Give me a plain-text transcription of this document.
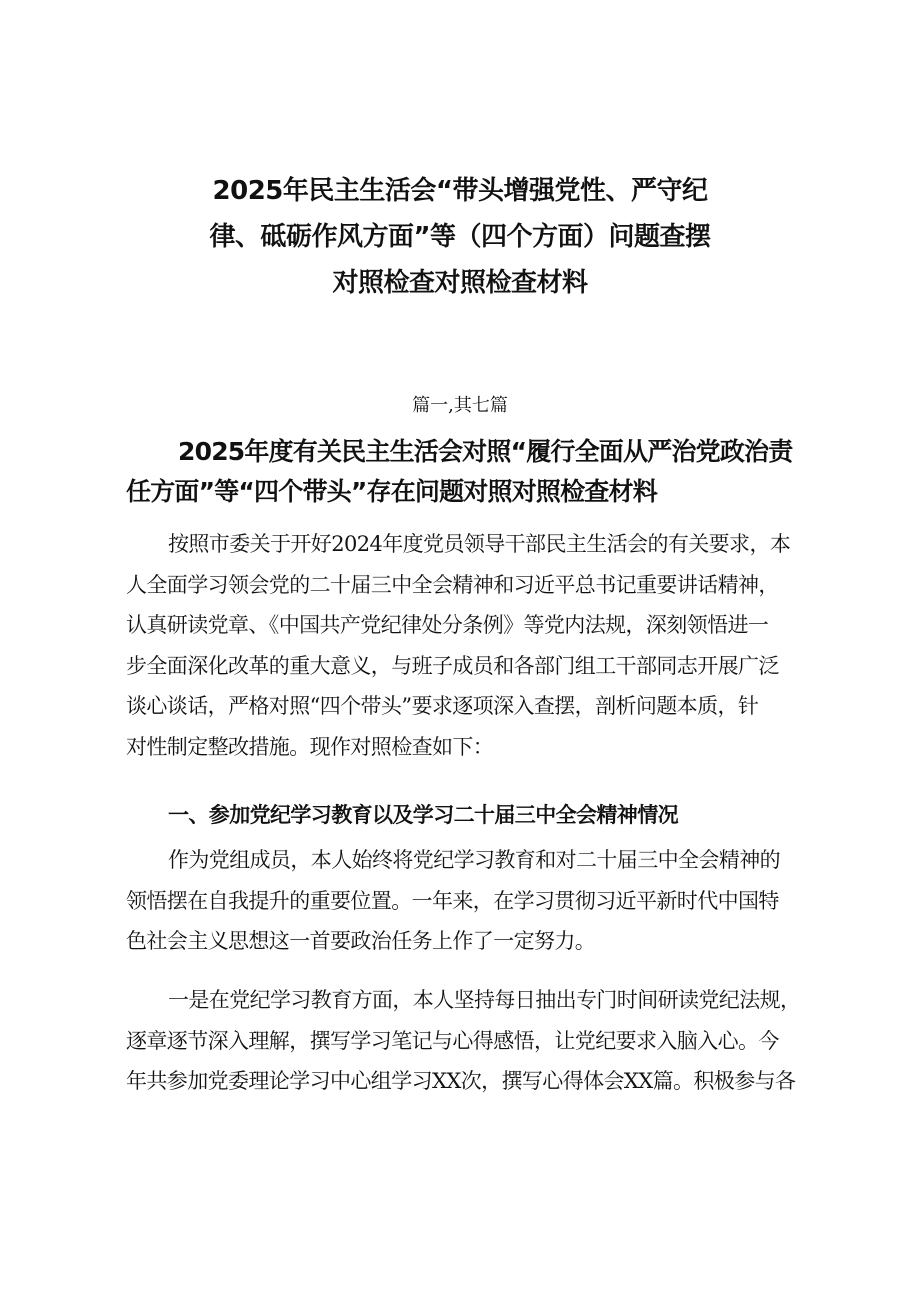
2025年民主生活会“带头增强党性、严守纪
律、砥砺作风方面”等（四个方面）问题查摆
对照检查对照检查材料

篇一,其七篇

2025年度有关民主生活会对照“履行全面从严治党政治责
任方面”等“四个带头”存在问题对照对照检查材料
按照市委关于开好2024年度党员领导干部民主生活会的有关要求，本
人全面学习领会党的二十届三中全会精神和习近平总书记重要讲话精神，
认真研读党章、《中国共产党纪律处分条例》等党内法规，深刻领悟进一
步全面深化改革的重大意义，与班子成员和各部门组工干部同志开展广泛
谈心谈话，严格对照“四个带头”要求逐项深入查摆，剖析问题本质，针
对性制定整改措施。现作对照检查如下：
一、参加党纪学习教育以及学习二十届三中全会精神情况
作为党组成员，本人始终将党纪学习教育和对二十届三中全会精神的
领悟摆在自我提升的重要位置。一年来，在学习贯彻习近平新时代中国特
色社会主义思想这一首要政治任务上作了一定努力。
一是在党纪学习教育方面，本人坚持每日抽出专门时间研读党纪法规，
逐章逐节深入理解，撰写学习笔记与心得感悟，让党纪要求入脑入心。今
年共参加党委理论学习中心组学习XX次，撰写心得体会XX篇。积极参与各
